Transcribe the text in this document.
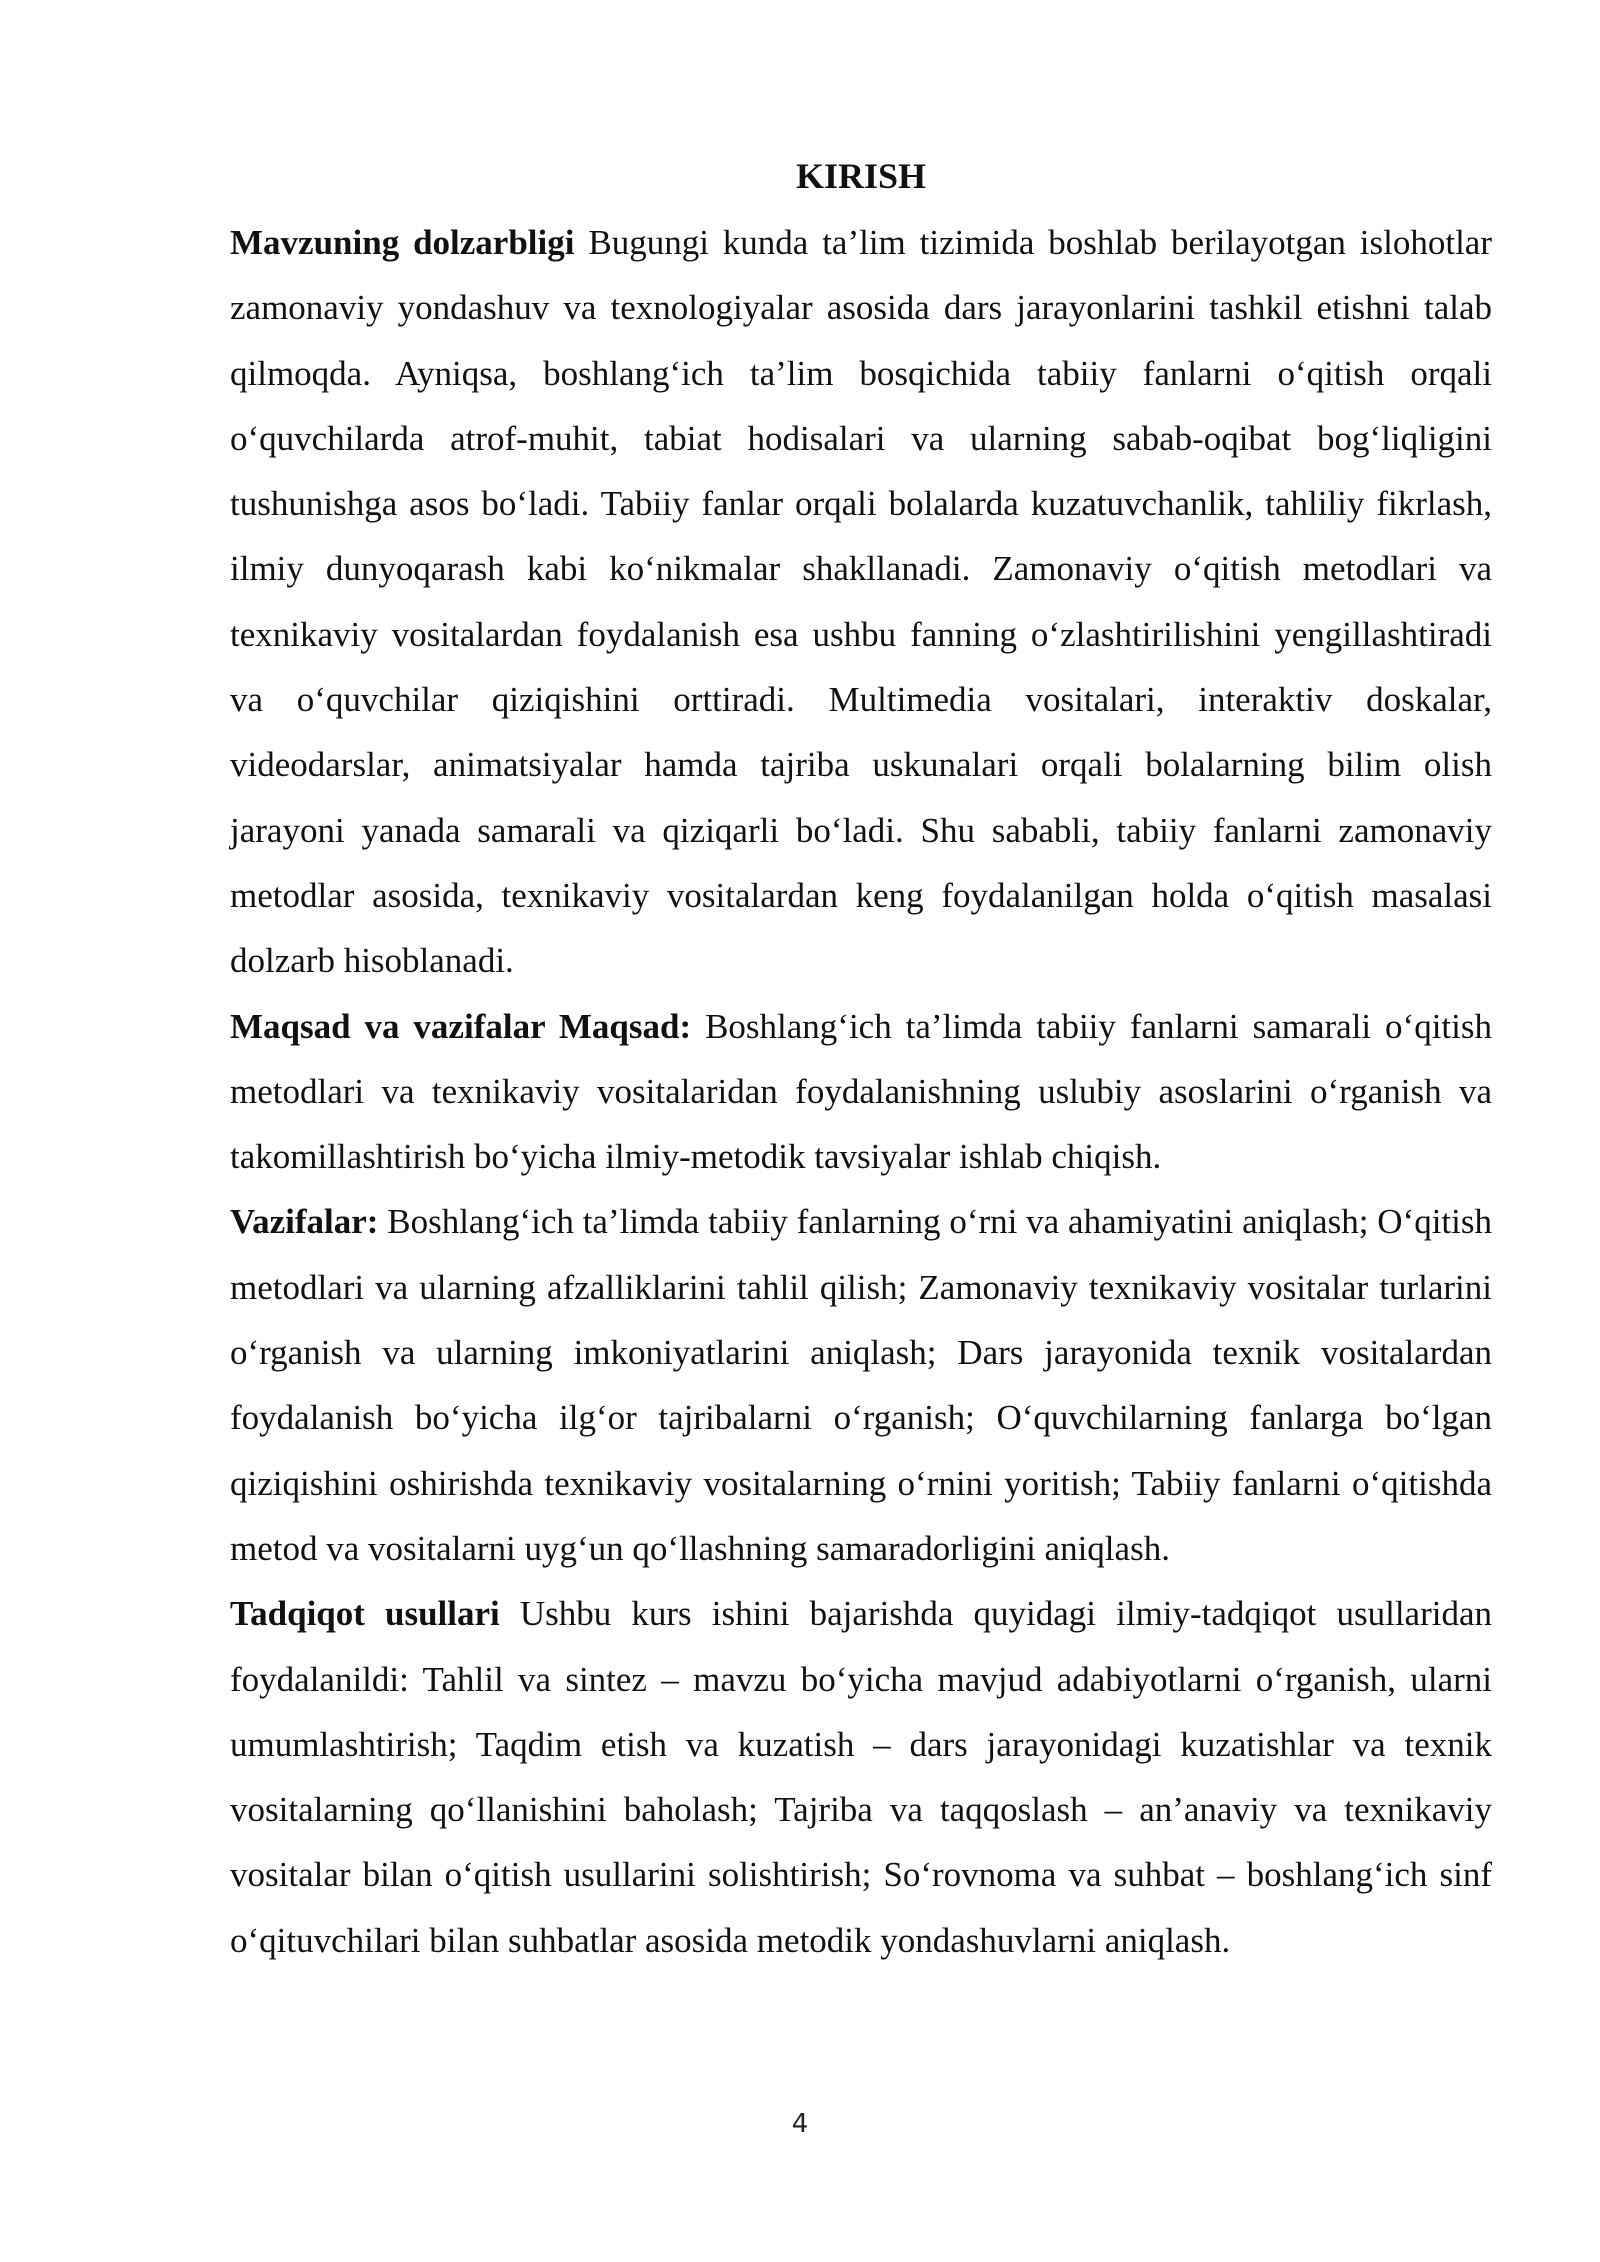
KIRISH

Mavzuning dolzarbligi Bugungi kunda ta’lim tizimida boshlab berilayotgan islohotlar zamonaviy yondashuv va texnologiyalar asosida dars jarayonlarini tashkil etishni talab qilmoqda. Ayniqsa, boshlang‘ich ta’lim bosqichida tabiiy fanlarni o‘qitish orqali o‘quvchilarda atrof-muhit, tabiat hodisalari va ularning sabab-oqibat bog‘liqligini tushunishga asos bo‘ladi. Tabiiy fanlar orqali bolalarda kuzatuvchanlik, tahliliy fikrlash, ilmiy dunyoqarash kabi ko‘nikmalar shakllanadi. Zamonaviy o‘qitish metodlari va texnikaviy vositalardan foydalanish esa ushbu fanning o‘zlashtirilishini yengillashtiradi va o‘quvchilar qiziqishini orttiradi. Multimedia vositalari, interaktiv doskalar, videodarslar, animatsiyalar hamda tajriba uskunalari orqali bolalarning bilim olish jarayoni yanada samarali va qiziqarli bo‘ladi. Shu sababli, tabiiy fanlarni zamonaviy metodlar asosida, texnikaviy vositalardan keng foydalanilgan holda o‘qitish masalasi dolzarb hisoblanadi.

Maqsad va vazifalar Maqsad: Boshlang‘ich ta’limda tabiiy fanlarni samarali o‘qitish metodlari va texnikaviy vositalaridan foydalanishning uslubiy asoslarini o‘rganish va takomillashtirish bo‘yicha ilmiy-metodik tavsiyalar ishlab chiqish.

Vazifalar: Boshlang‘ich ta’limda tabiiy fanlarning o‘rni va ahamiyatini aniqlash; O‘qitish metodlari va ularning afzalliklarini tahlil qilish; Zamonaviy texnikaviy vositalar turlarini o‘rganish va ularning imkoniyatlarini aniqlash; Dars jarayonida texnik vositalardan foydalanish bo‘yicha ilg‘or tajribalarni o‘rganish; O‘quvchilarning fanlarga bo‘lgan qiziqishini oshirishda texnikaviy vositalarning o‘rnini yoritish; Tabiiy fanlarni o‘qitishda metod va vositalarni uyg‘un qo‘llashning samaradorligini aniqlash.

Tadqiqot usullari Ushbu kurs ishini bajarishda quyidagi ilmiy-tadqiqot usullaridan foydalanildi: Tahlil va sintez – mavzu bo‘yicha mavjud adabiyotlarni o‘rganish, ularni umumlashtirish; Taqdim etish va kuzatish – dars jarayonidagi kuzatishlar va texnik vositalarning qo‘llanishini baholash; Tajriba va taqqoslash – an’anaviy va texnikaviy vositalar bilan o‘qitish usullarini solishtirish; So‘rovnoma va suhbat – boshlang‘ich sinf o‘qituvchilari bilan suhbatlar asosida metodik yondashuvlarni aniqlash.

4
